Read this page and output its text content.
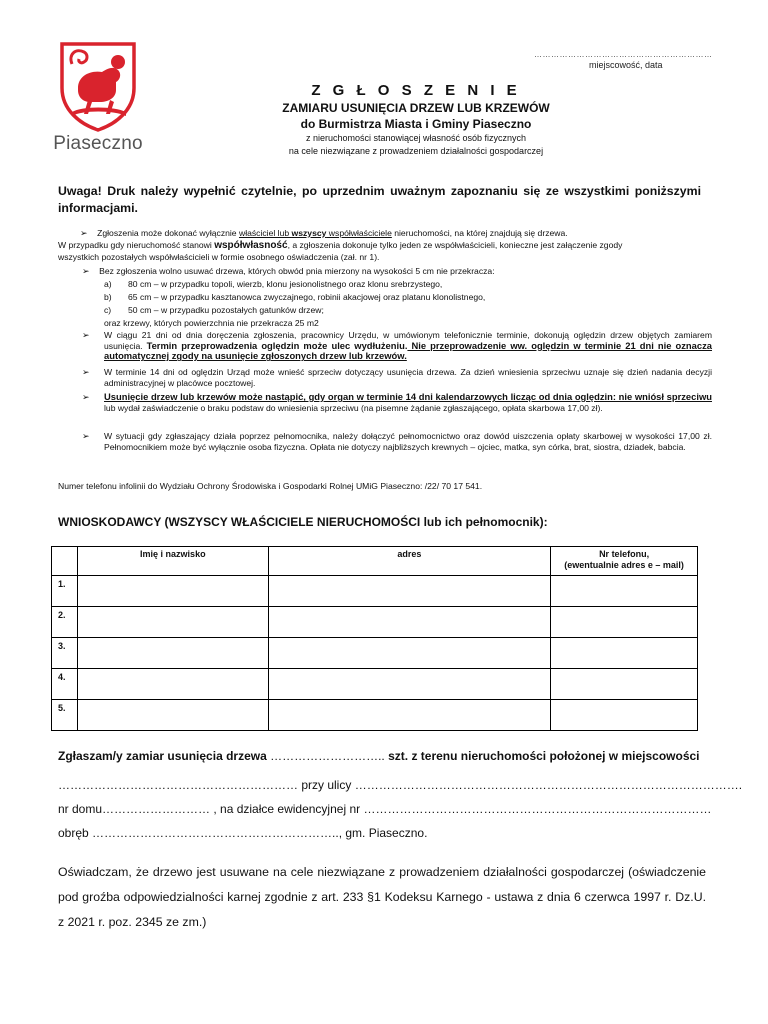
Piaseczno
………………………………………………………
miejscowość, data
Z G Ł O S Z E N I E
ZAMIARU USUNIĘCIA DRZEW LUB KRZEWÓW
do Burmistrza Miasta i Gminy Piaseczno
z nieruchomości stanowiącej własność osób fizycznych
na cele niezwiązane z prowadzeniem działalności gospodarczej
Uwaga! Druk należy wypełnić czytelnie, po uprzednim uważnym zapoznaniu się ze wszystkimi poniższymi informacjami.
➢ Zgłoszenia może dokonać wyłącznie właściciel lub wszyscy współwłaściciele nieruchomości, na której znajdują się drzewa.
W przypadku gdy nieruchomość stanowi współwłasność, a zgłoszenia dokonuje tylko jeden ze współwłaścicieli, konieczne jest załączenie zgody
wszystkich pozostałych współwłaścicieli w formie osobnego oświadczenia (zał. nr 1).
➢ Bez zgłoszenia wolno usuwać drzewa, których obwód pnia mierzony na wysokości 5 cm nie przekracza:
a) 80 cm – w przypadku topoli, wierzb, klonu jesionolistnego oraz klonu srebrzystego,
b) 65 cm – w przypadku kasztanowca zwyczajnego, robinii akacjowej oraz platanu klonolistnego,
c) 50 cm – w przypadku pozostałych gatunków drzew;
oraz krzewy, których powierzchnia nie przekracza 25 m2
➢ W ciągu 21 dni od dnia doręczenia zgłoszenia, pracownicy Urzędu, w umówionym telefonicznie terminie, dokonują oględzin drzew objętych zamiarem usunięcia. Termin przeprowadzenia oględzin może ulec wydłużeniu. Nie przeprowadzenie ww. oględzin w terminie 21 dni nie oznacza automatycznej zgody na usunięcie zgłoszonych drzew lub krzewów.
➢ W terminie 14 dni od oględzin Urząd może wnieść sprzeciw dotyczący usunięcia drzewa. Za dzień wniesienia sprzeciwu uznaje się dzień nadania decyzji administracyjnej w placówce pocztowej.
➢ Usunięcie drzew lub krzewów może nastąpić, gdy organ w terminie 14 dni kalendarzowych licząc od dnia oględzin: nie wniósł sprzeciwu lub wydał zaświadczenie o braku podstaw do wniesienia sprzeciwu (na pisemne żądanie zgłaszającego, opłata skarbowa 17,00 zł).
➢ W sytuacji gdy zgłaszający działa poprzez pełnomocnika, należy dołączyć pełnomocnictwo oraz dowód uiszczenia opłaty skarbowej w wysokości 17,00 zł. Pełnomocnikiem może być wyłącznie osoba fizyczna. Opłata nie dotyczy najbliższych krewnych – ojciec, matka, syn córka, brat, siostra, dziadek, babcia.
Numer telefonu infolinii do Wydziału Ochrony Środowiska i Gospodarki Rolnej UMiG Piaseczno: /22/ 70 17 541.
WNIOSKODAWCY (WSZYSCY WŁAŚCICIELE NIERUCHOMOŚCI lub ich pełnomocnik):
	Imię i nazwisko	adres	Nr telefonu,
(ewentualnie adres e – mail)
1.			
2.			
3.			
4.			
5.			
Zgłaszam/y zamiar usunięcia drzewa ……………………….. szt. z terenu nieruchomości położonej w miejscowości
…………………………………………………… przy ulicy …………………………………………………………………………………….
nr domu……………………… , na działce ewidencyjnej nr ……………………………………………………………………………
obręb …………………………………………………….., gm. Piaseczno.
Oświadczam, że drzewo jest usuwane na cele niezwiązane z prowadzeniem działalności gospodarczej (oświadczenie pod groźba odpowiedzialności karnej zgodnie z art. 233 §1 Kodeksu Karnego - ustawa z dnia 6 czerwca 1997 r. Dz.U. z 2021 r. poz. 2345 ze zm.)
